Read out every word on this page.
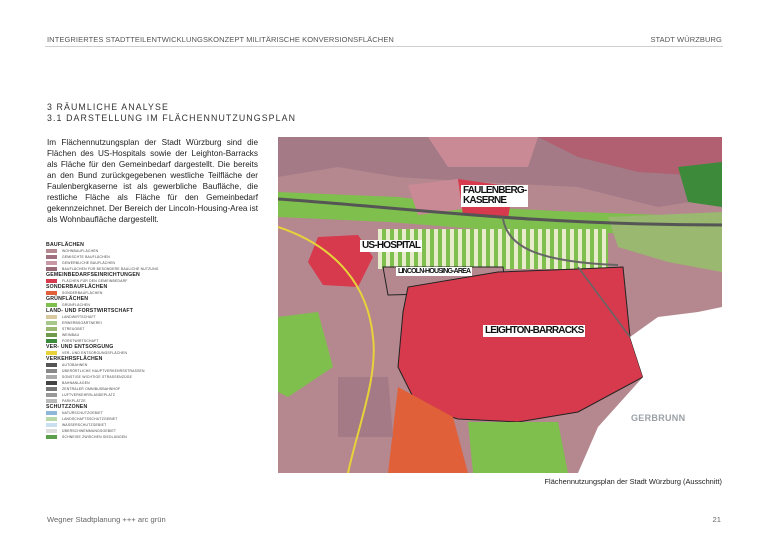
INTEGRIERTES STADTTEILENTWICKLUNGSKONZEPT MILITÄRISCHE KONVERSIONSFLÄCHEN	STADT WÜRZBURG
3 RÄUMLICHE ANALYSE
3.1 DARSTELLUNG IM FLÄCHENNUTZUNGSPLAN
Im Flächennutzungsplan der Stadt Würzburg sind die Flächen des US-Hospitals sowie der Leighton-Barracks als Fläche für den Gemeinbedarf dargestellt. Die bereits an den Bund zurückgegebenen westliche Teilfläche der Faulenbergkaserne ist als gewerbliche Baufläche, die restliche Fläche als Fläche für den Gemeinbedarf gekennzeichnet. Der Bereich der Lincoln-Housing-Area ist als Wohnbaufläche dargestellt.
BAUFLÄCHEN
WOHNBAUFLÄCHEN
GEMISCHTE BAUFLÄCHEN
GEWERBLICHE BAUFLÄCHEN
BAUFLÄCHEN FÜR BESONDERE BAULICHE NUTZUNG
GEMEINBEDARFSEINRICHTUNGEN
FLÄCHEN FÜR DEN GEMEINBEDARF
SONDERBAUFLÄCHEN
SONDERBAUFLÄCHEN
GRÜNFLÄCHEN
GRÜNFLÄCHEN
LAND- UND FORSTWIRTSCHAFT
LANDWIRTSCHAFT
ERWERBSGÄRTNEREI
STREUOBST
WEINBAU
FORSTWIRTSCHAFT
VER- UND ENTSORGUNG
VER- UND ENTSORGUNGSFLÄCHEN
VERKEHRSFLÄCHEN
AUTOBAHNEN
ÜBERÖRTLICHE HAUPTVERKEHRSSTRASSEN
SONSTIGE WICHTIGE STRASSENZÜGE
BAHNANLAGEN
ZENTRALER OMNIBUSBAHNHOF
LUFTVERKEHRSLANDEPLATZ
PARKPLÄTZE
SCHUTZZONEN
NATURSCHUTZGEBIET
LANDSCHAFTSSCHUTZGEBIET
WASSERSCHUTZGEBIET
ÜBERSCHWEMMUNGSGEBIET
SCHNEISE ZWISCHEN SIEDLUNGEN
FAULENBERG-
KASERNE
US-HOSPITAL
LINCOLN-HOUSING-AREA
LEIGHTON-BARRACKS
GERBRUNN
Flächennutzungsplan der Stadt Würzburg (Ausschnitt)
Wegner Stadtplanung +++ arc grün	21
